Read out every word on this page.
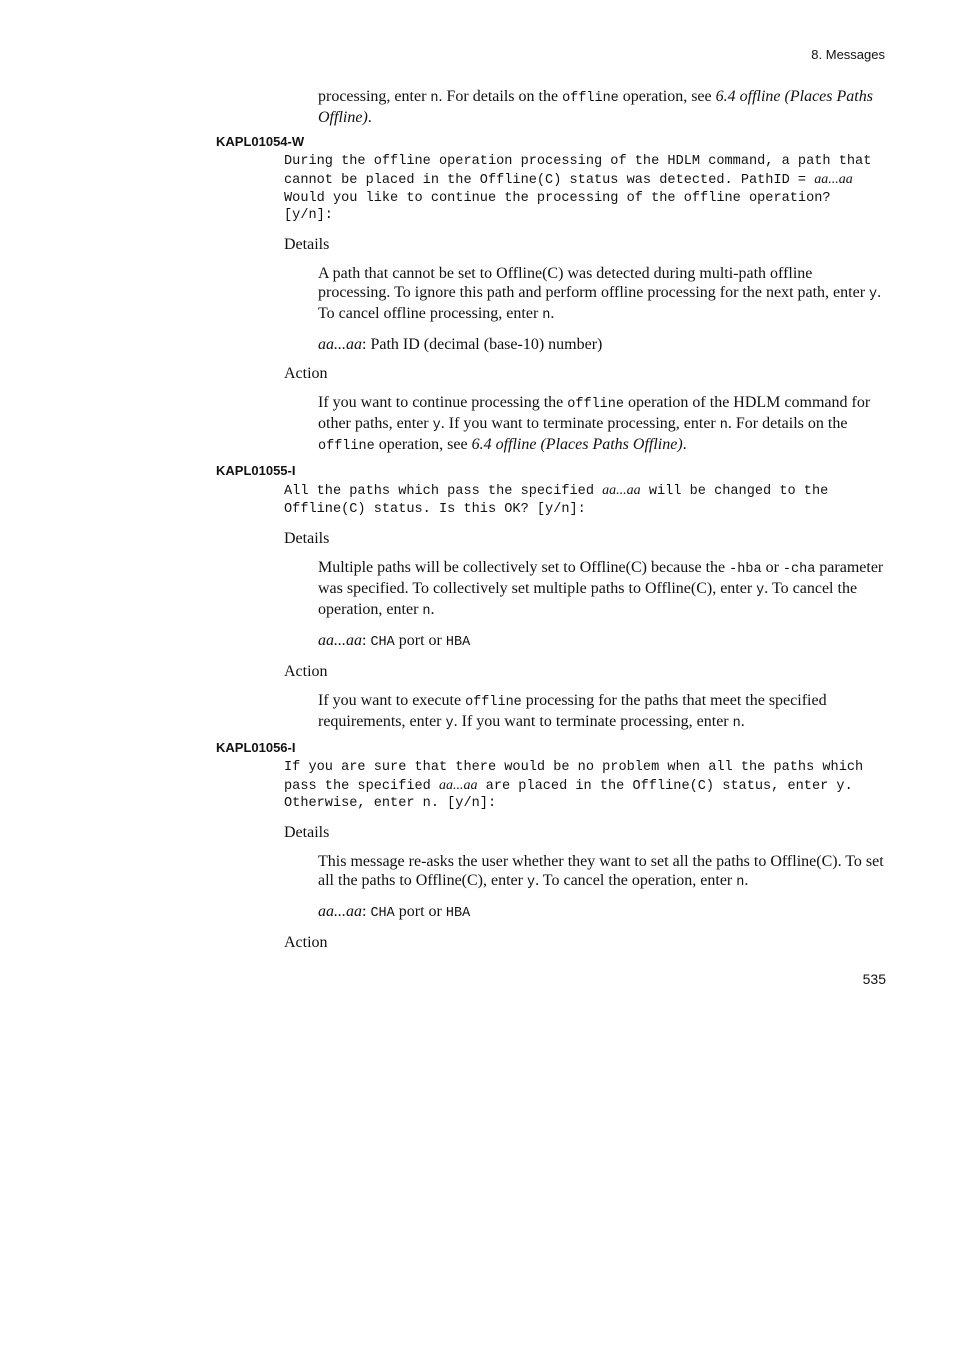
8. Messages

processing, enter n. For details on the offline operation, see 6.4 offline (Places Paths Offline).

KAPL01054-W
During the offline operation processing of the HDLM command, a path that cannot be placed in the Offline(C) status was detected. PathID = aa...aa Would you like to continue the processing of the offline operation? [y/n]:
Details

A path that cannot be set to Offline(C) was detected during multi-path offline processing. To ignore this path and perform offline processing for the next path, enter y. To cancel offline processing, enter n.

aa...aa: Path ID (decimal (base-10) number)

Action

If you want to continue processing the offline operation of the HDLM command for other paths, enter y. If you want to terminate processing, enter n. For details on the offline operation, see 6.4 offline (Places Paths Offline).

KAPL01055-I
All the paths which pass the specified aa...aa will be changed to the Offline(C) status. Is this OK? [y/n]:
Details

Multiple paths will be collectively set to Offline(C) because the -hba or -cha parameter was specified. To collectively set multiple paths to Offline(C), enter y. To cancel the operation, enter n.

aa...aa: CHA port or HBA

Action

If you want to execute offline processing for the paths that meet the specified requirements, enter y. If you want to terminate processing, enter n.

KAPL01056-I
If you are sure that there would be no problem when all the paths which pass the specified aa...aa are placed in the Offline(C) status, enter y. Otherwise, enter n. [y/n]:
Details

This message re-asks the user whether they want to set all the paths to Offline(C). To set all the paths to Offline(C), enter y. To cancel the operation, enter n.

aa...aa: CHA port or HBA

Action
535
